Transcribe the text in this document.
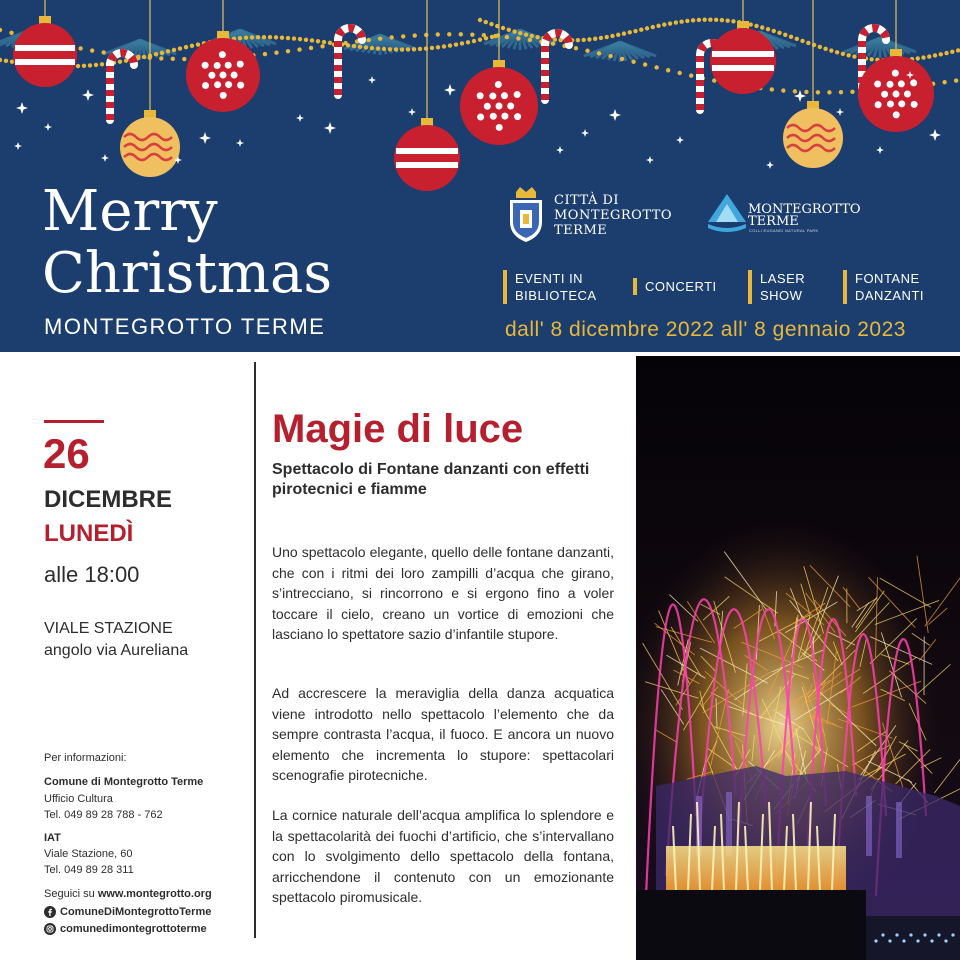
Merry
Christmas
MONTEGROTTO TERME
CITTÀ DI
MONTEGROTTO
TERME
MONTEGROTTO
TERME
COLLI EUGANEI NATURAL PARK
EVENTI IN
BIBLIOTECA
CONCERTI
LASER
SHOW
FONTANE
DANZANTI
dall' 8 dicembre 2022 all' 8 gennaio 2023
26
DICEMBRE
LUNEDÌ
alle 18:00
VIALE STAZIONE
angolo via Aureliana
Per informazioni:
Comune di Montegrotto Terme
Ufficio Cultura
Tel. 049 89 28 788 - 762
IAT
Viale Stazione, 60
Tel. 049 89 28 311
Seguici su www.montegrotto.org
ComuneDiMontegrottoTerme
comunedimontegrottoterme
Magie di luce
Spettacolo di Fontane danzanti con effetti pirotecnici e fiamme

Uno spettacolo elegante, quello delle fontane danzanti, che con i ritmi dei loro zampilli d’acqua che girano, s’intrecciano, si rincorrono e si ergono fino a voler toccare il cielo, creano un vortice di emozioni che lasciano lo spettatore sazio d’infantile stupore.

Ad accrescere la meraviglia della danza acquatica viene introdotto nello spettacolo l’elemento che da sempre contrasta l’acqua, il fuoco. E ancora un nuovo elemento che incrementa lo stupore: spettacolari scenografie pirotecniche.

La cornice naturale dell’acqua amplifica lo splendore e la spettacolarità dei fuochi d’artificio, che s’intervallano con lo svolgimento dello spettacolo della fontana, arricchendone il contenuto con un emozionante spettacolo piromusicale.
